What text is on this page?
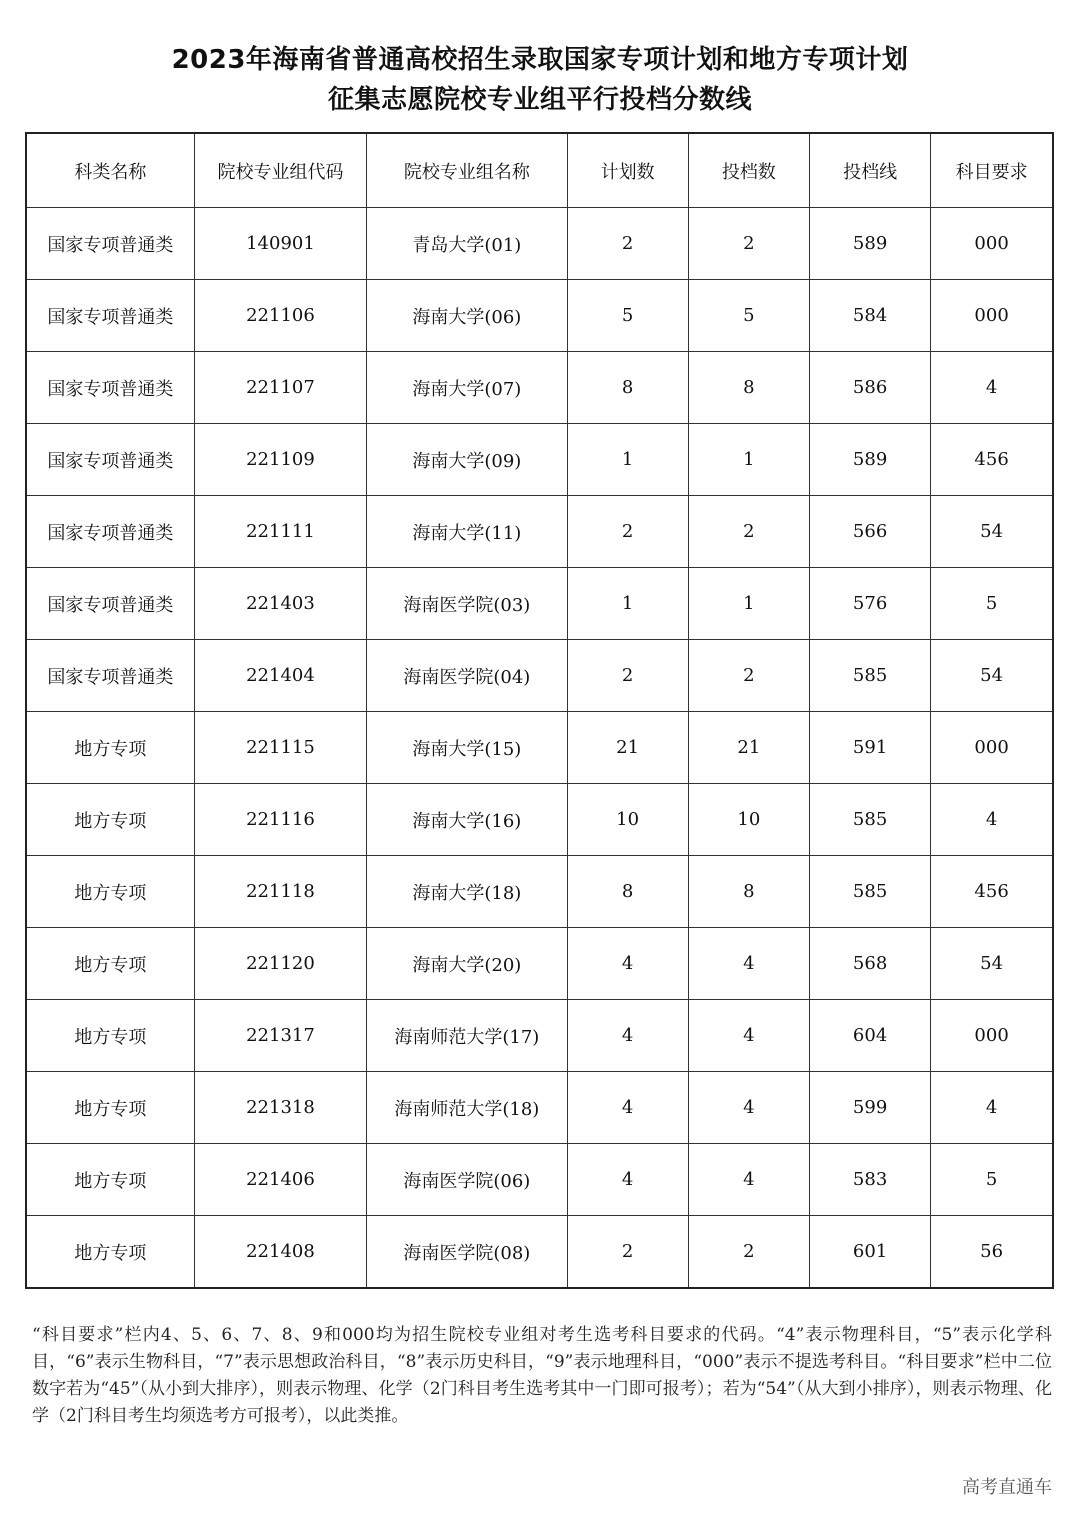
2023年海南省普通高校招生录取国家专项计划和地方专项计划
征集志愿院校专业组平行投档分数线
科类名称	院校专业组代码	院校专业组名称	计划数	投档数	投档线	科目要求
国家专项普通类	140901	青岛大学(01)	2	2	589	000
国家专项普通类	221106	海南大学(06)	5	5	584	000
国家专项普通类	221107	海南大学(07)	8	8	586	4
国家专项普通类	221109	海南大学(09)	1	1	589	456
国家专项普通类	221111	海南大学(11)	2	2	566	54
国家专项普通类	221403	海南医学院(03)	1	1	576	5
国家专项普通类	221404	海南医学院(04)	2	2	585	54
地方专项	221115	海南大学(15)	21	21	591	000
地方专项	221116	海南大学(16)	10	10	585	4
地方专项	221118	海南大学(18)	8	8	585	456
地方专项	221120	海南大学(20)	4	4	568	54
地方专项	221317	海南师范大学(17)	4	4	604	000
地方专项	221318	海南师范大学(18)	4	4	599	4
地方专项	221406	海南医学院(06)	4	4	583	5
地方专项	221408	海南医学院(08)	2	2	601	56
“科目要求”栏内4、5、6、7、8、9和000均为招生院校专业组对考生选考科目要求的代码。“4”表示物理科目，“5”表示化学科目，“6”表示生物科目，“7”表示思想政治科目，“8”表示历史科目，“9”表示地理科目，“000”表示不提选考科目。“科目要求”栏中二位数字若为“45”（从小到大排序），则表示物理、化学（2门科目考生选考其中一门即可报考）；若为“54”（从大到小排序），则表示物理、化学（2门科目考生均须选考方可报考），以此类推。
高考直通车
